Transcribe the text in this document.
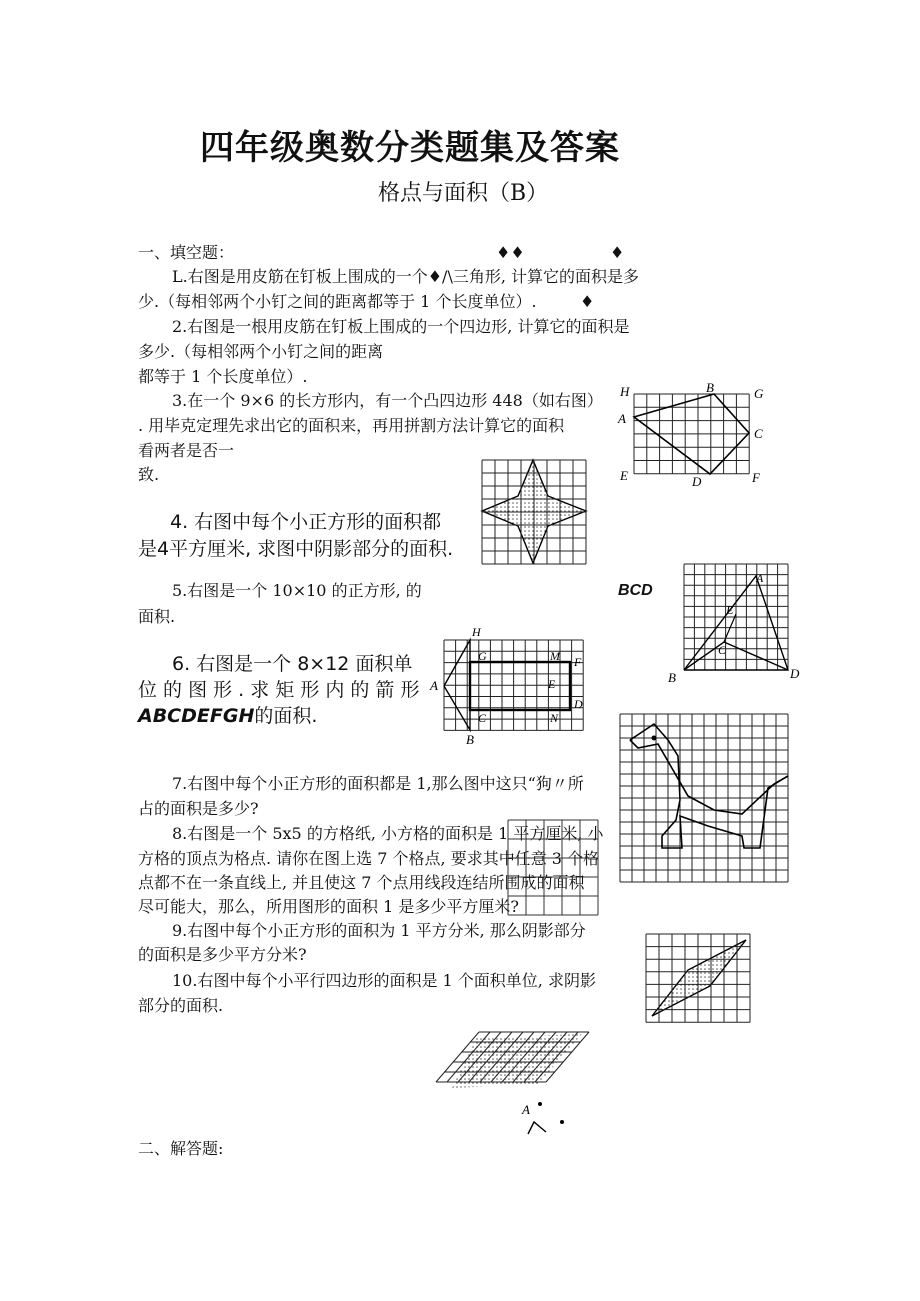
四年级奥数分类题集及答案
格点与面积（B）
一、填空题：	♦♦	♦
L.右图是用皮筋在钉板上围成的一个♦/\三角形, 计算它的面积是多
少.（每相邻两个小钉之间的距离都等于 1 个长度单位）.	♦
2.右图是一根用皮筋在钉板上围成的一个四边形, 计算它的面积是
多少.（每相邻两个小钉之间的距离
都等于 1 个长度单位）.
3.在一个 9×6 的长方形内，有一个凸四边形 448（如右图）
. 用毕克定理先求出它的面积来，再用拼割方法计算它的面积
看两者是否一
致.
4. 右图中每个小正方形的面积都
是4平方厘米, 求图中阴影部分的面积.
5.右图是一个 10×10 的正方形, 的
面积.
BCD
6. 右图是一个 8×12 面积单
位 的 图 形 . 求 矩 形 内 的 箭 形
ABCDEFGH的面积.
7.右图中每个小正方形的面积都是 1,那么图中这只“狗〃所
占的面积是多少?
8.右图是一个 5x5 的方格纸, 小方格的面积是 1 平方厘米, 小
方格的顶点为格点. 请你在图上选 7 个格点, 要求其中任意 3 个格
点都不在一条直线上, 并且使这 7 个点用线段连结所围成的面积
尽可能大，那么，所用图形的面积 1 是多少平方厘米?
9.右图中每个小正方形的面积为 1 平方分米, 那么阴影部分
的面积是多少平方分米?
10.右图中每个小平行四边形的面积是 1 个面积单位, 求阴影
部分的面积.
二、解答题:
H	B	G
A
C
E	D	F
A
E
C
B	D
H
G	M F
A	E
D
C	N
B
A
